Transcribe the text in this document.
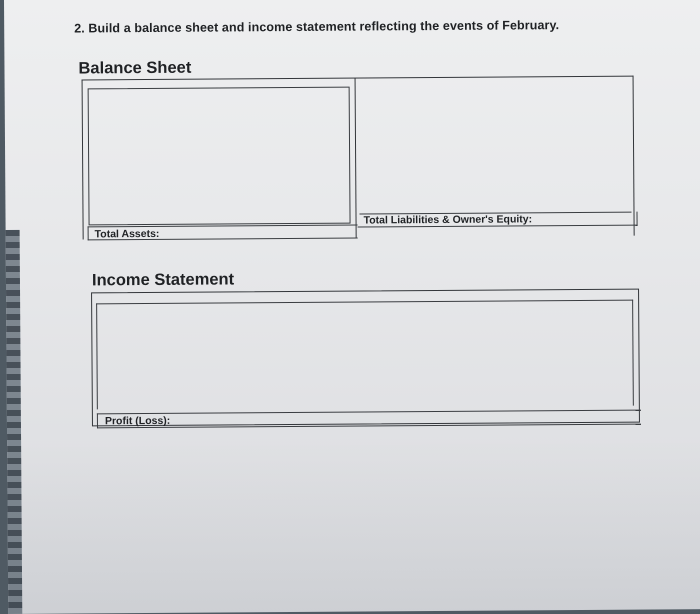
2. Build a balance sheet and income statement reflecting the events of February.
Balance Sheet
Total Assets:
Total Liabilities & Owner's Equity:
Income Statement
Profit (Loss):
